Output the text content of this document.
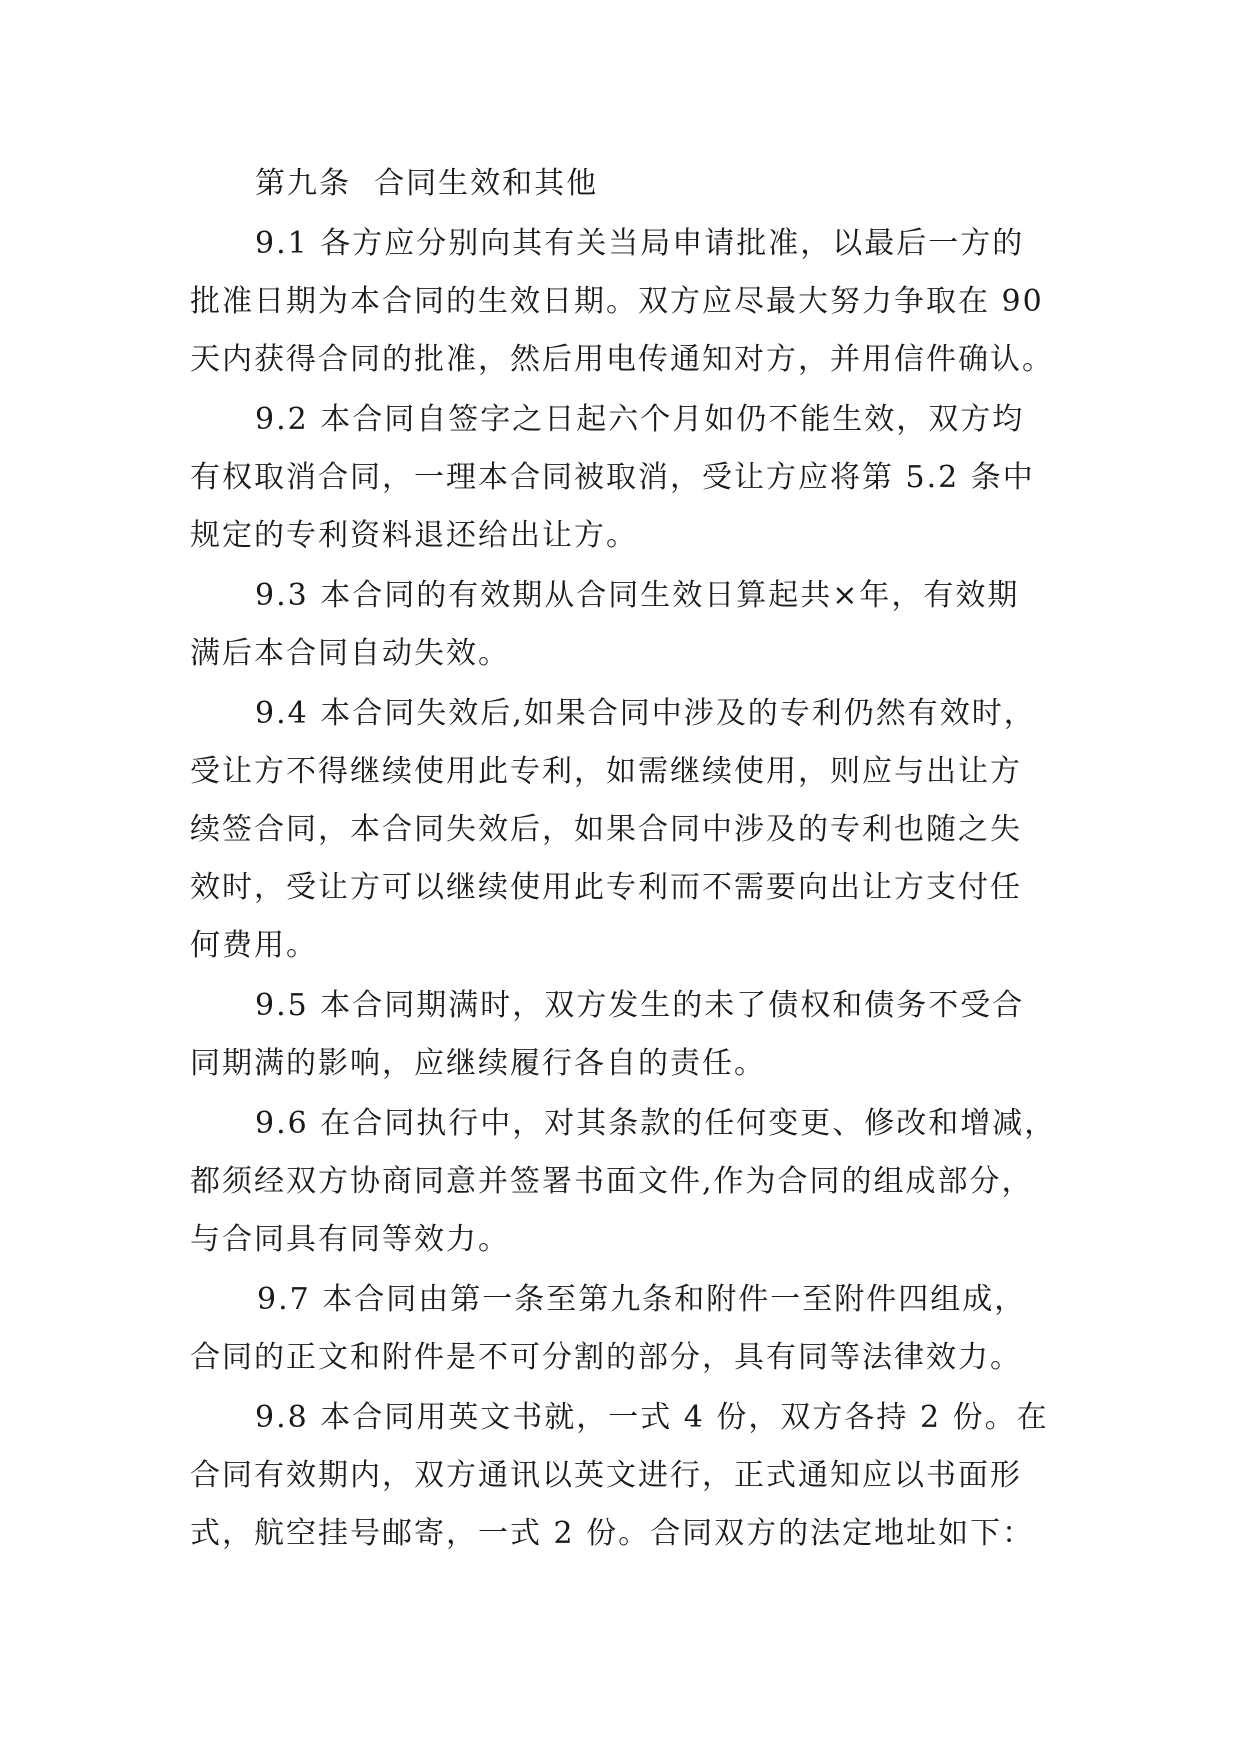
第九条  合同生效和其他
9.1 各方应分别向其有关当局申请批准，以最后一方的
批准日期为本合同的生效日期。双方应尽最大努力争取在 90
天内获得合同的批准，然后用电传通知对方，并用信件确认。
9.2 本合同自签字之日起六个月如仍不能生效，双方均
有权取消合同，一理本合同被取消，受让方应将第 5.2 条中
规定的专利资料退还给出让方。
9.3 本合同的有效期从合同生效日算起共×年，有效期
满后本合同自动失效。
9.4 本合同失效后,如果合同中涉及的专利仍然有效时，
受让方不得继续使用此专利，如需继续使用，则应与出让方
续签合同，本合同失效后，如果合同中涉及的专利也随之失
效时，受让方可以继续使用此专利而不需要向出让方支付任
何费用。
9.5 本合同期满时，双方发生的未了债权和债务不受合
同期满的影响，应继续履行各自的责任。
9.6 在合同执行中，对其条款的任何变更、修改和增减，
都须经双方协商同意并签署书面文件,作为合同的组成部分，
与合同具有同等效力。
9.7 本合同由第一条至第九条和附件一至附件四组成，
合同的正文和附件是不可分割的部分，具有同等法律效力。
9.8 本合同用英文书就，一式 4 份，双方各持 2 份。在
合同有效期内，双方通讯以英文进行，正式通知应以书面形
式，航空挂号邮寄，一式 2 份。合同双方的法定地址如下：
